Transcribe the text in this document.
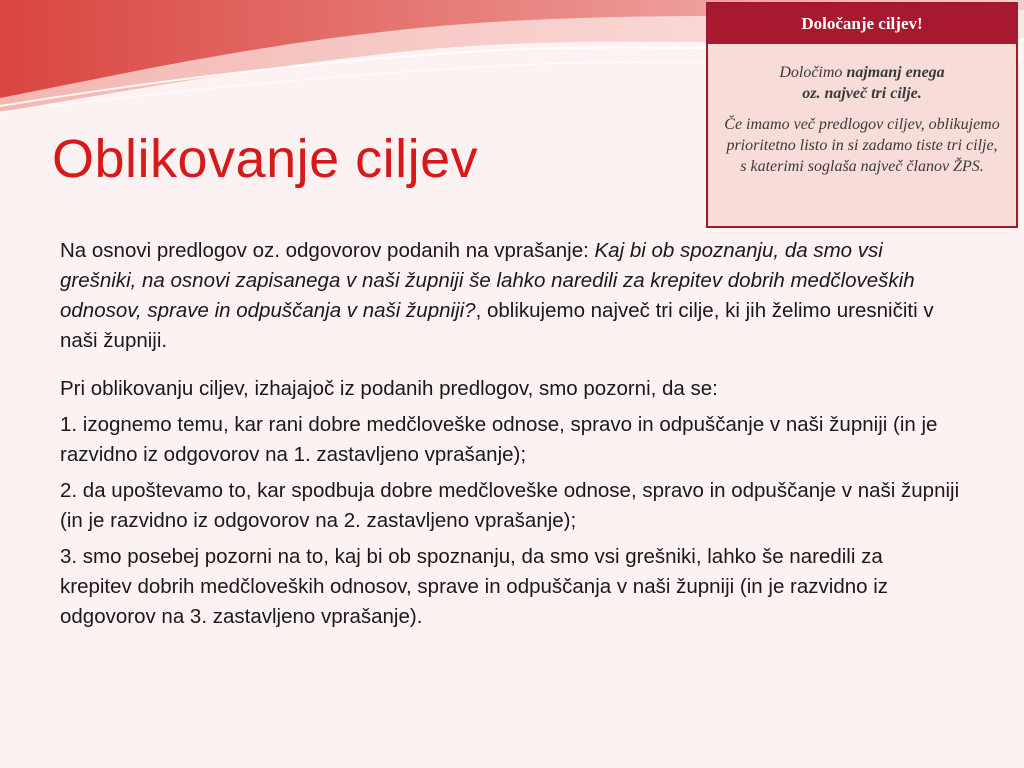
Oblikovanje ciljev
Določanje ciljev!

Določimo najmanj enega
oz. največ tri cilje.

Če imamo več predlogov ciljev, oblikujemo prioritetno listo in si zadamo tiste tri cilje, s katerimi soglaša največ članov ŽPS.

Na osnovi predlogov oz. odgovorov podanih na vprašanje: Kaj bi ob spoznanju, da smo vsi grešniki, na osnovi zapisanega v naši župniji še lahko naredili za krepitev dobrih medčloveških odnosov, sprave in odpuščanja v naši župniji?, oblikujemo največ tri cilje, ki jih želimo uresničiti v naši župniji.

Pri oblikovanju ciljev, izhajajoč iz podanih predlogov, smo pozorni, da se:

1. izognemo temu, kar rani dobre medčloveške odnose, spravo in odpuščanje v naši župniji (in je razvidno iz odgovorov na 1. zastavljeno vprašanje);

2. da upoštevamo to, kar spodbuja dobre medčloveške odnose, spravo in odpuščanje v naši župniji (in je razvidno iz odgovorov na 2. zastavljeno vprašanje);

3. smo posebej pozorni na to, kaj bi ob spoznanju, da smo vsi grešniki, lahko še naredili za krepitev dobrih medčloveških odnosov, sprave in odpuščanja v naši župniji (in je razvidno iz odgovorov na 3. zastavljeno vprašanje).
